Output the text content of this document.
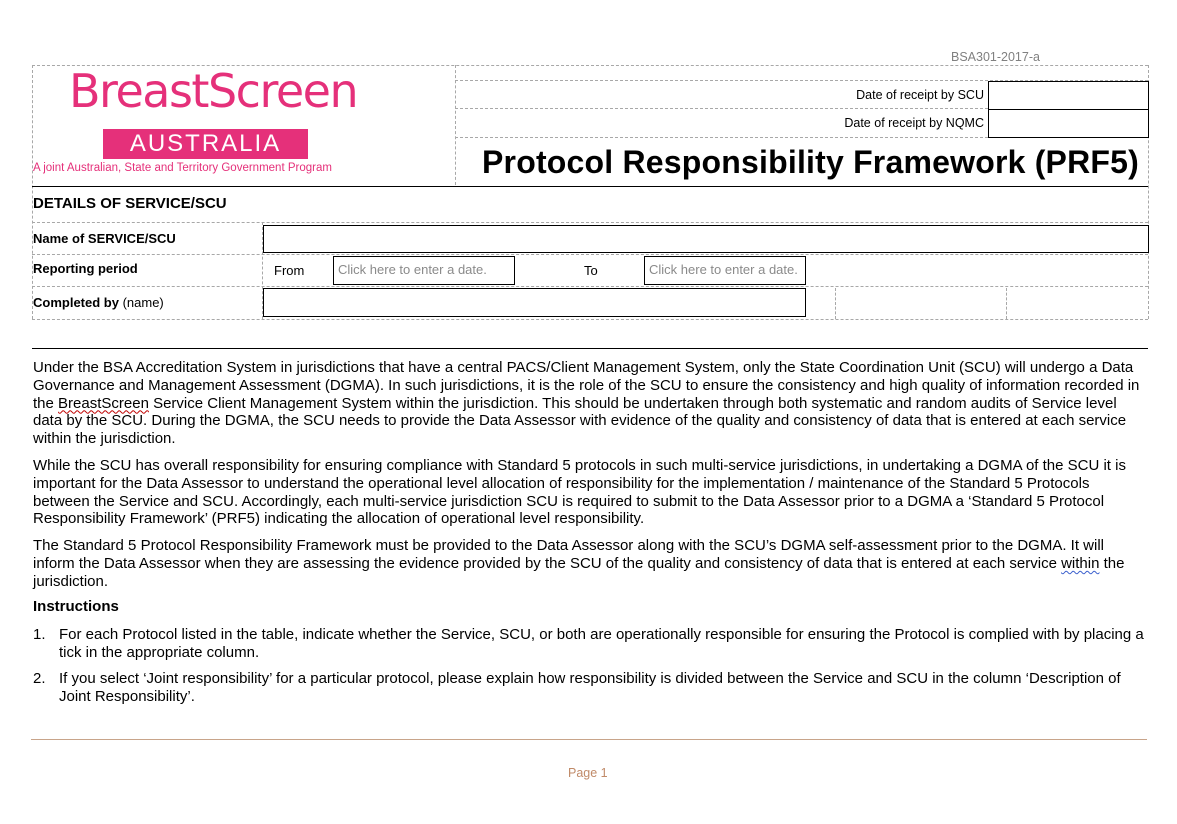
BSA301-2017-a
BreastScreen
AUSTRALIA
A joint Australian, State and Territory Government Program
Date of receipt by SCU
Date of receipt by NQMC
Protocol Responsibility Framework (PRF5)
DETAILS OF SERVICE/SCU
Name of SERVICE/SCU
Reporting period	From	Click here to enter a date.	To	Click here to enter a date.
Completed by (name)

Under the BSA Accreditation System in jurisdictions that have a central PACS/Client Management System, only the State Coordination Unit (SCU) will undergo a Data Governance and Management Assessment (DGMA). In such jurisdictions, it is the role of the SCU to ensure the consistency and high quality of information recorded in the BreastScreen Service Client Management System within the jurisdiction. This should be undertaken through both systematic and random audits of Service level data by the SCU. During the DGMA, the SCU needs to provide the Data Assessor with evidence of the quality and consistency of data that is entered at each service within the jurisdiction.

While the SCU has overall responsibility for ensuring compliance with Standard 5 protocols in such multi-service jurisdictions, in undertaking a DGMA of the SCU it is important for the Data Assessor to understand the operational level allocation of responsibility for the implementation / maintenance of the Standard 5 Protocols between the Service and SCU. Accordingly, each multi-service jurisdiction SCU is required to submit to the Data Assessor prior to a DGMA a ‘Standard 5 Protocol Responsibility Framework’ (PRF5) indicating the allocation of operational level responsibility.

The Standard 5 Protocol Responsibility Framework must be provided to the Data Assessor along with the SCU’s DGMA self-assessment prior to the DGMA. It will inform the Data Assessor when they are assessing the evidence provided by the SCU of the quality and consistency of data that is entered at each service within the jurisdiction.

Instructions
1. For each Protocol listed in the table, indicate whether the Service, SCU, or both are operationally responsible for ensuring the Protocol is complied with by placing a tick in the appropriate column.
2. If you select ‘Joint responsibility’ for a particular protocol, please explain how responsibility is divided between the Service and SCU in the column ‘Description of Joint Responsibility’.
Page 1
